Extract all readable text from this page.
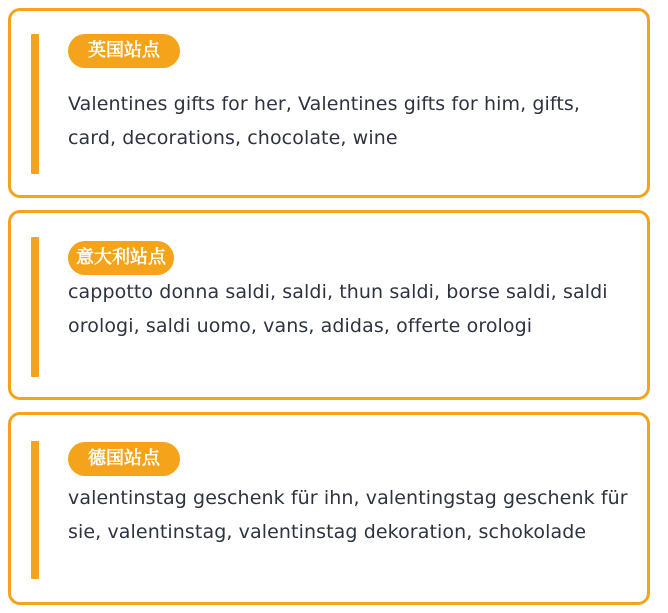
英国站点

Valentines gifts for her, Valentines gifts for him, gifts, card, decorations, chocolate, wine

意大利站点

cappotto donna saldi, saldi, thun saldi, borse saldi, saldi orologi, saldi uomo, vans, adidas, offerte orologi

德国站点

valentinstag geschenk für ihn, valentingstag geschenk für sie, valentinstag, valentinstag dekoration, schokolade
